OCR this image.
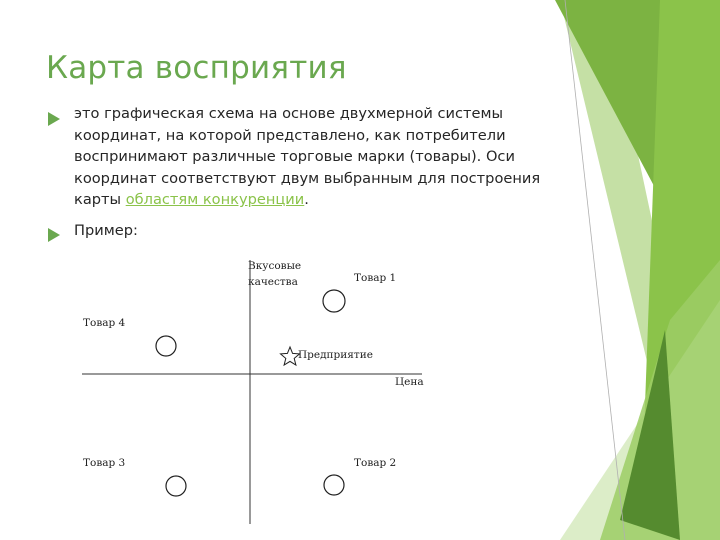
Карта восприятия
это графическая схема на основе двухмерной системы координат, на которой представлено, как потребители воспринимают различные торговые марки (товары). Оси координат соответствуют двум выбранным для построения карты областям конкуренции.
Пример:
Вкусовые
качества
Цена
Товар 1
Товар 4
Предприятие
Товар 3	Товар 2
